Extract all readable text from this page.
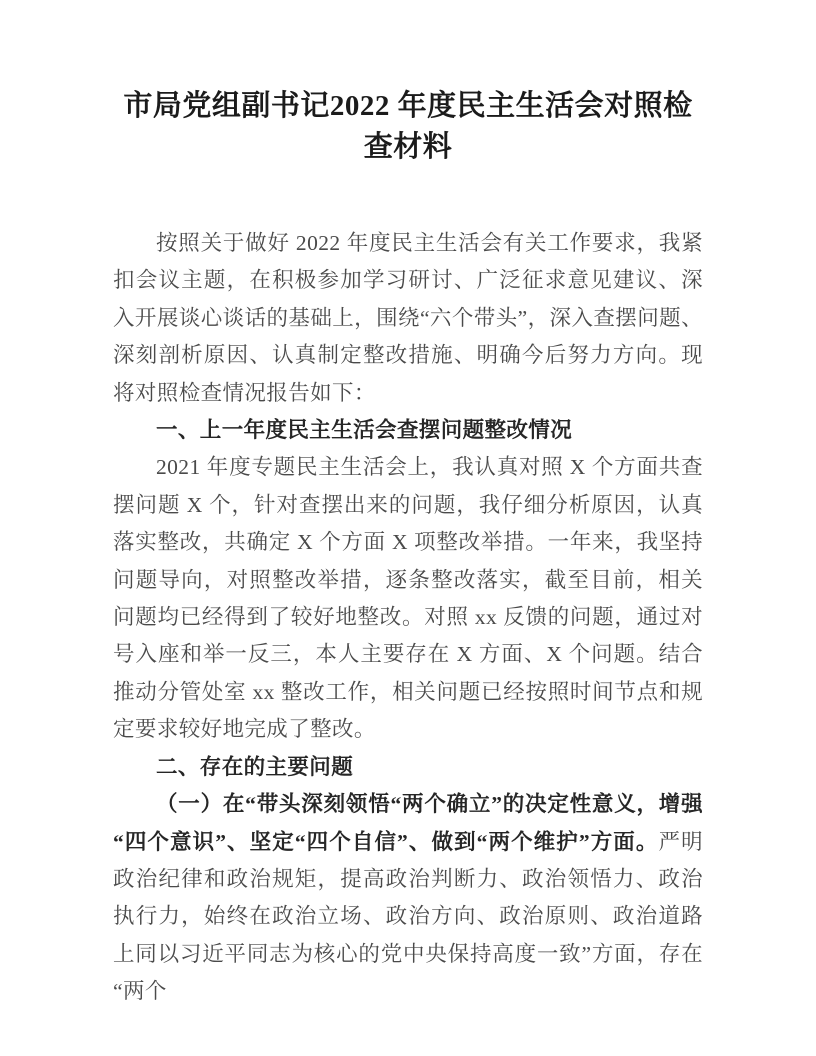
市局党组副书记2022 年度民主生活会对照检查材料

按照关于做好 2022 年度民主生活会有关工作要求，我紧扣会议主题，在积极参加学习研讨、广泛征求意见建议、深入开展谈心谈话的基础上，围绕“六个带头”，深入查摆问题、深刻剖析原因、认真制定整改措施、明确今后努力方向。现将对照检查情况报告如下：

一、上一年度民主生活会查摆问题整改情况

2021 年度专题民主生活会上，我认真对照 X 个方面共查摆问题 X 个，针对查摆出来的问题，我仔细分析原因，认真落实整改，共确定 X 个方面 X 项整改举措。一年来，我坚持问题导向，对照整改举措，逐条整改落实，截至目前，相关问题均已经得到了较好地整改。对照 xx 反馈的问题，通过对号入座和举一反三，本人主要存在 X 方面、X 个问题。结合推动分管处室 xx 整改工作，相关问题已经按照时间节点和规定要求较好地完成了整改。

二、存在的主要问题

（一）在“带头深刻领悟“两个确立”的决定性意义，增强“四个意识”、坚定“四个自信”、做到“两个维护”方面。严明政治纪律和政治规矩，提高政治判断力、政治领悟力、政治执行力，始终在政治立场、政治方向、政治原则、政治道路上同以习近平同志为核心的党中央保持高度一致”方面，存在“两个
